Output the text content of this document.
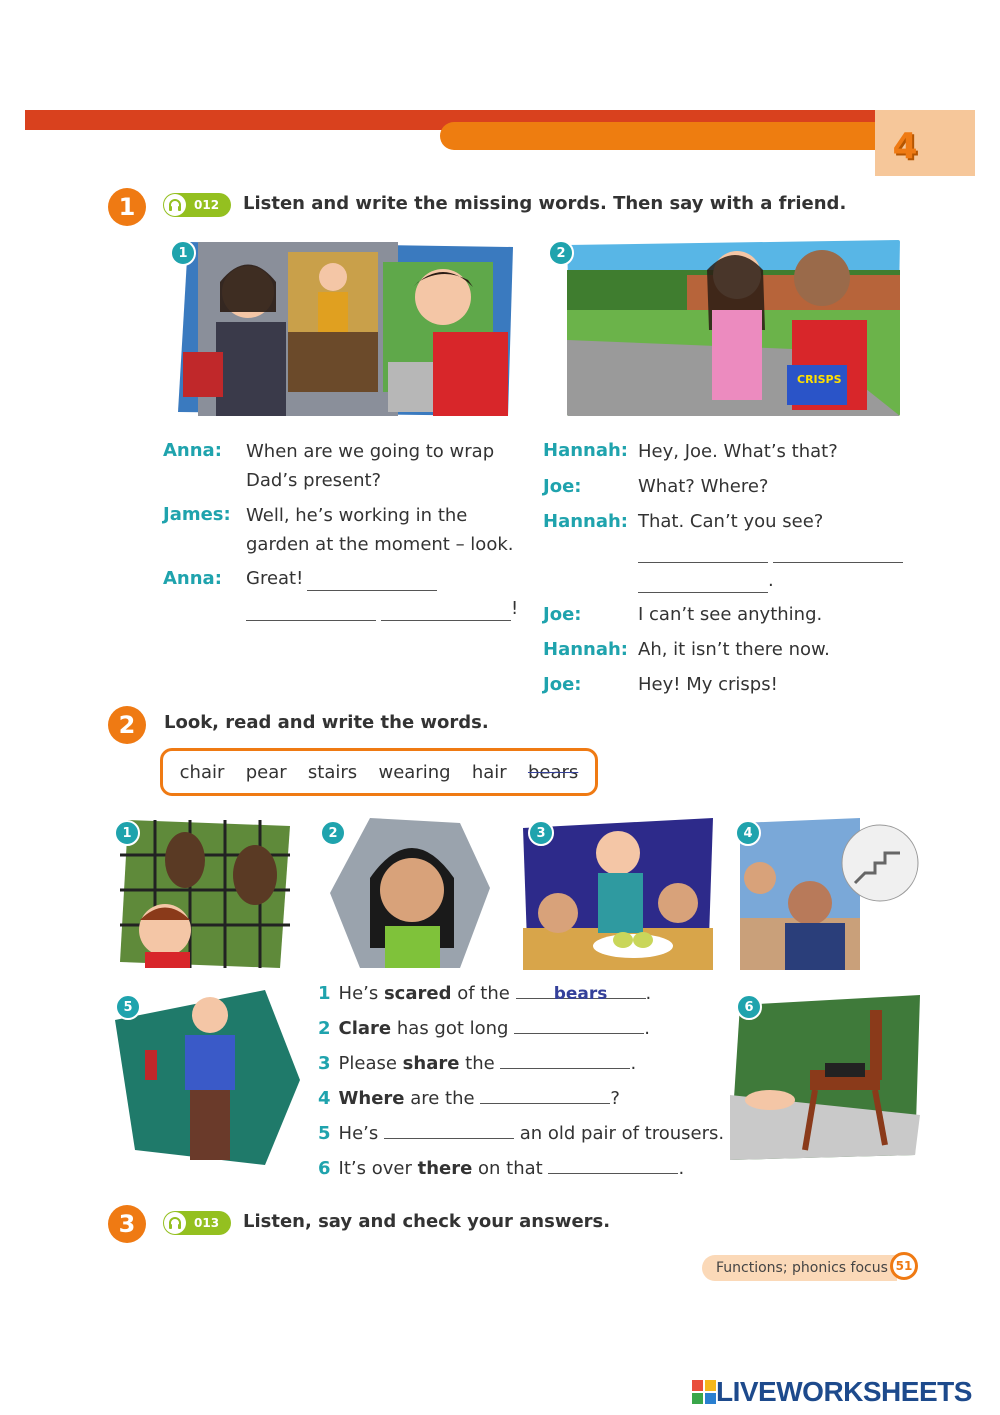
4
1	012 Listen and write the missing words. Then say with a friend.
1
CRISPS
2
Anna: When are we going to wrap Dad’s present?
James: Well, he’s working in the garden at the moment – look.
Anna: Great!
!
Hannah: Hey, Joe. What’s that?
Joe:	What? Where?
Hannah: That. Can’t you see?
.
Joe:	I can’t see anything.
Hannah: Ah, it isn’t there now.
Joe:	Hey! My crisps!
2	Look, read and write the words.
chair pear stairs wearing hair bears
1	2	3	4
5	6
1 He’s scared of the	bears .
2 Clare has got long	.
3 Please share the	.
4 Where are the	?
5 He’s	an old pair of trousers.
6 It’s over there on that	.
3	013 Listen, say and check your answers.
Functions; phonics focus 51
LIVEWORKSHEETS
